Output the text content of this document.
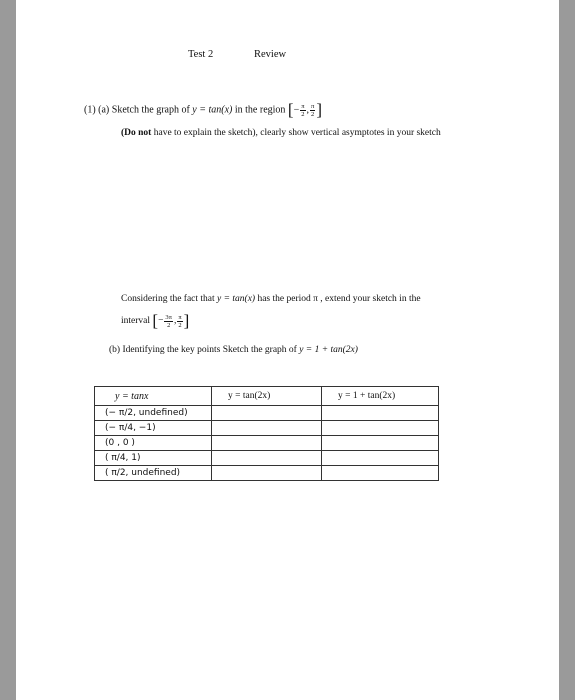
Test 2	Review
(1) (a) Sketch the graph of y = tan(x) in the region [− $\frac{\pi}{2}$ , $\frac{\pi}{2}$ ]
(Do not have to explain the sketch), clearly show vertical asymptotes in your sketch
Considering the fact that y = tan(x) has the period π , extend your sketch in the
interval [− $\frac{3\pi}{2}$ , $\frac{\pi}{2}$ ]
(b) Identifying the key points Sketch the graph of y = 1 + tan(2x)
y = tanx	y = tan(2x)	y = 1 + tan(2x)
(− π/2, undefined)		
(− π/4, −1)		
(0 , 0 )		
( π/4, 1)		
( π/2, undefined)		
